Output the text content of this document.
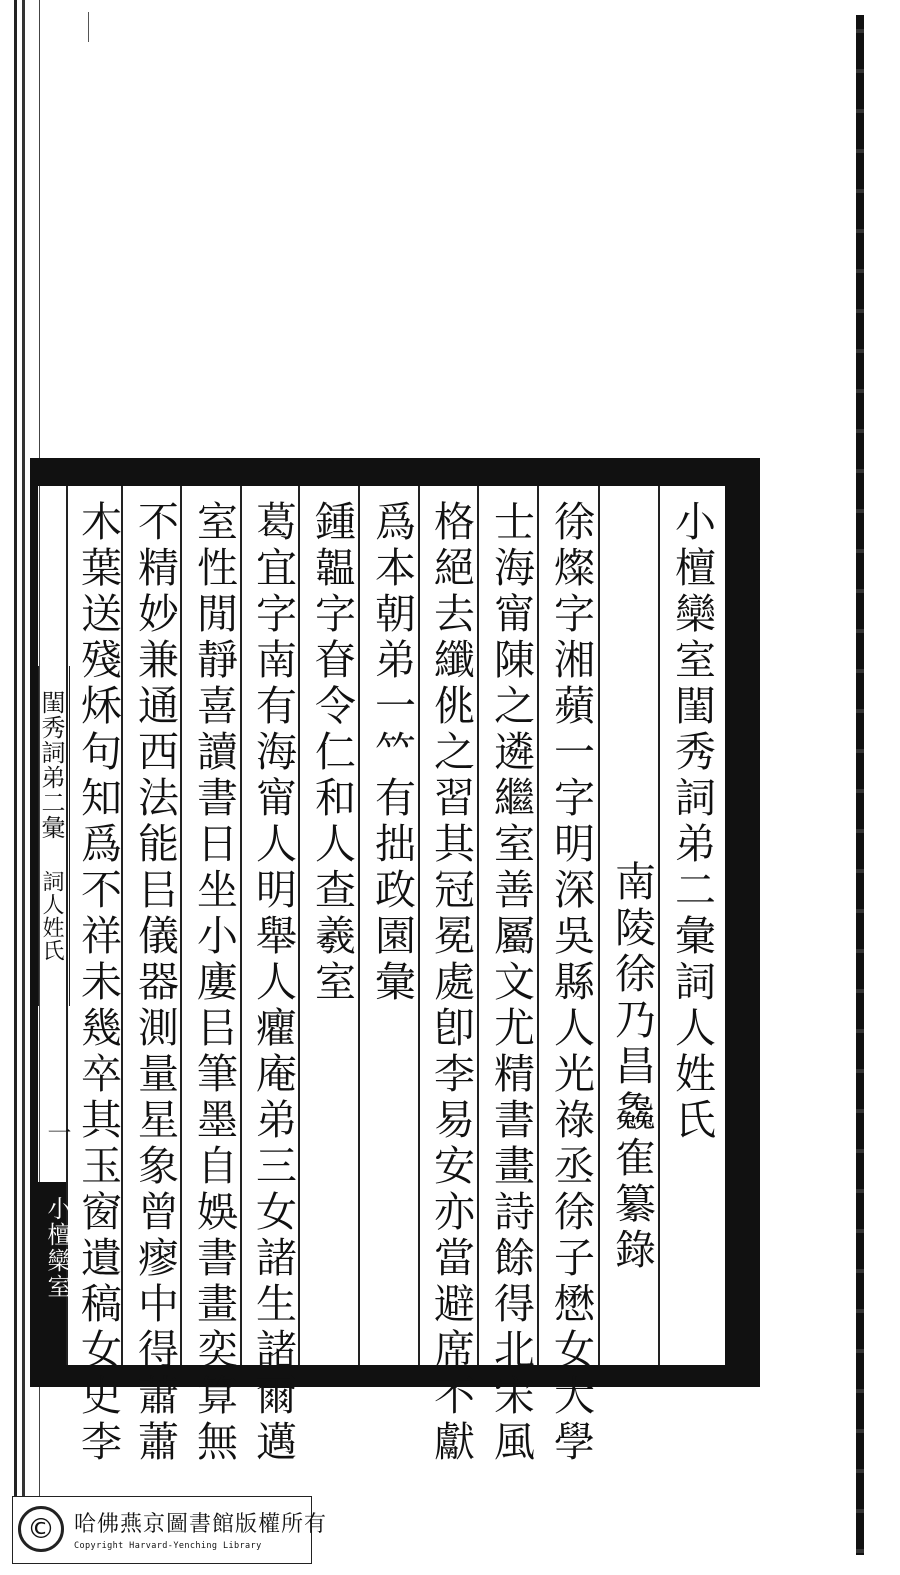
小檀欒室閨秀詞弟二彙詞人姓氏
南陵徐乃昌𠓗隺纂錄
徐燦字湘蘋一字明深吳縣人光祿丞徐子懋女大學
士海甯陳之遴繼室善屬文尤精書畫詩餘得北宋風
格絕去纖佻之習其冠冕處卽李易安亦當避席不獻
爲本朝弟一𥫗有拙政園彙
鍾韞字眘令仁和人查羲室
葛宜字南有海甯人明舉人癯庵弟三女諸生諸爾邁
室性閒靜喜讀書日坐小廔㠯筆墨自娛書畫奕算無
不精妙兼通西法能㠯儀器測量星象曾瘳中得蕭蕭
木葉送殘秌句知爲不祥未幾卒其玉窗遺稿女史李
閨秀詞弟二彙
詞人姓氏
一
小檀欒室
© 哈佛燕京圖書館版權所有
Copyright Harvard-Yenching Library
